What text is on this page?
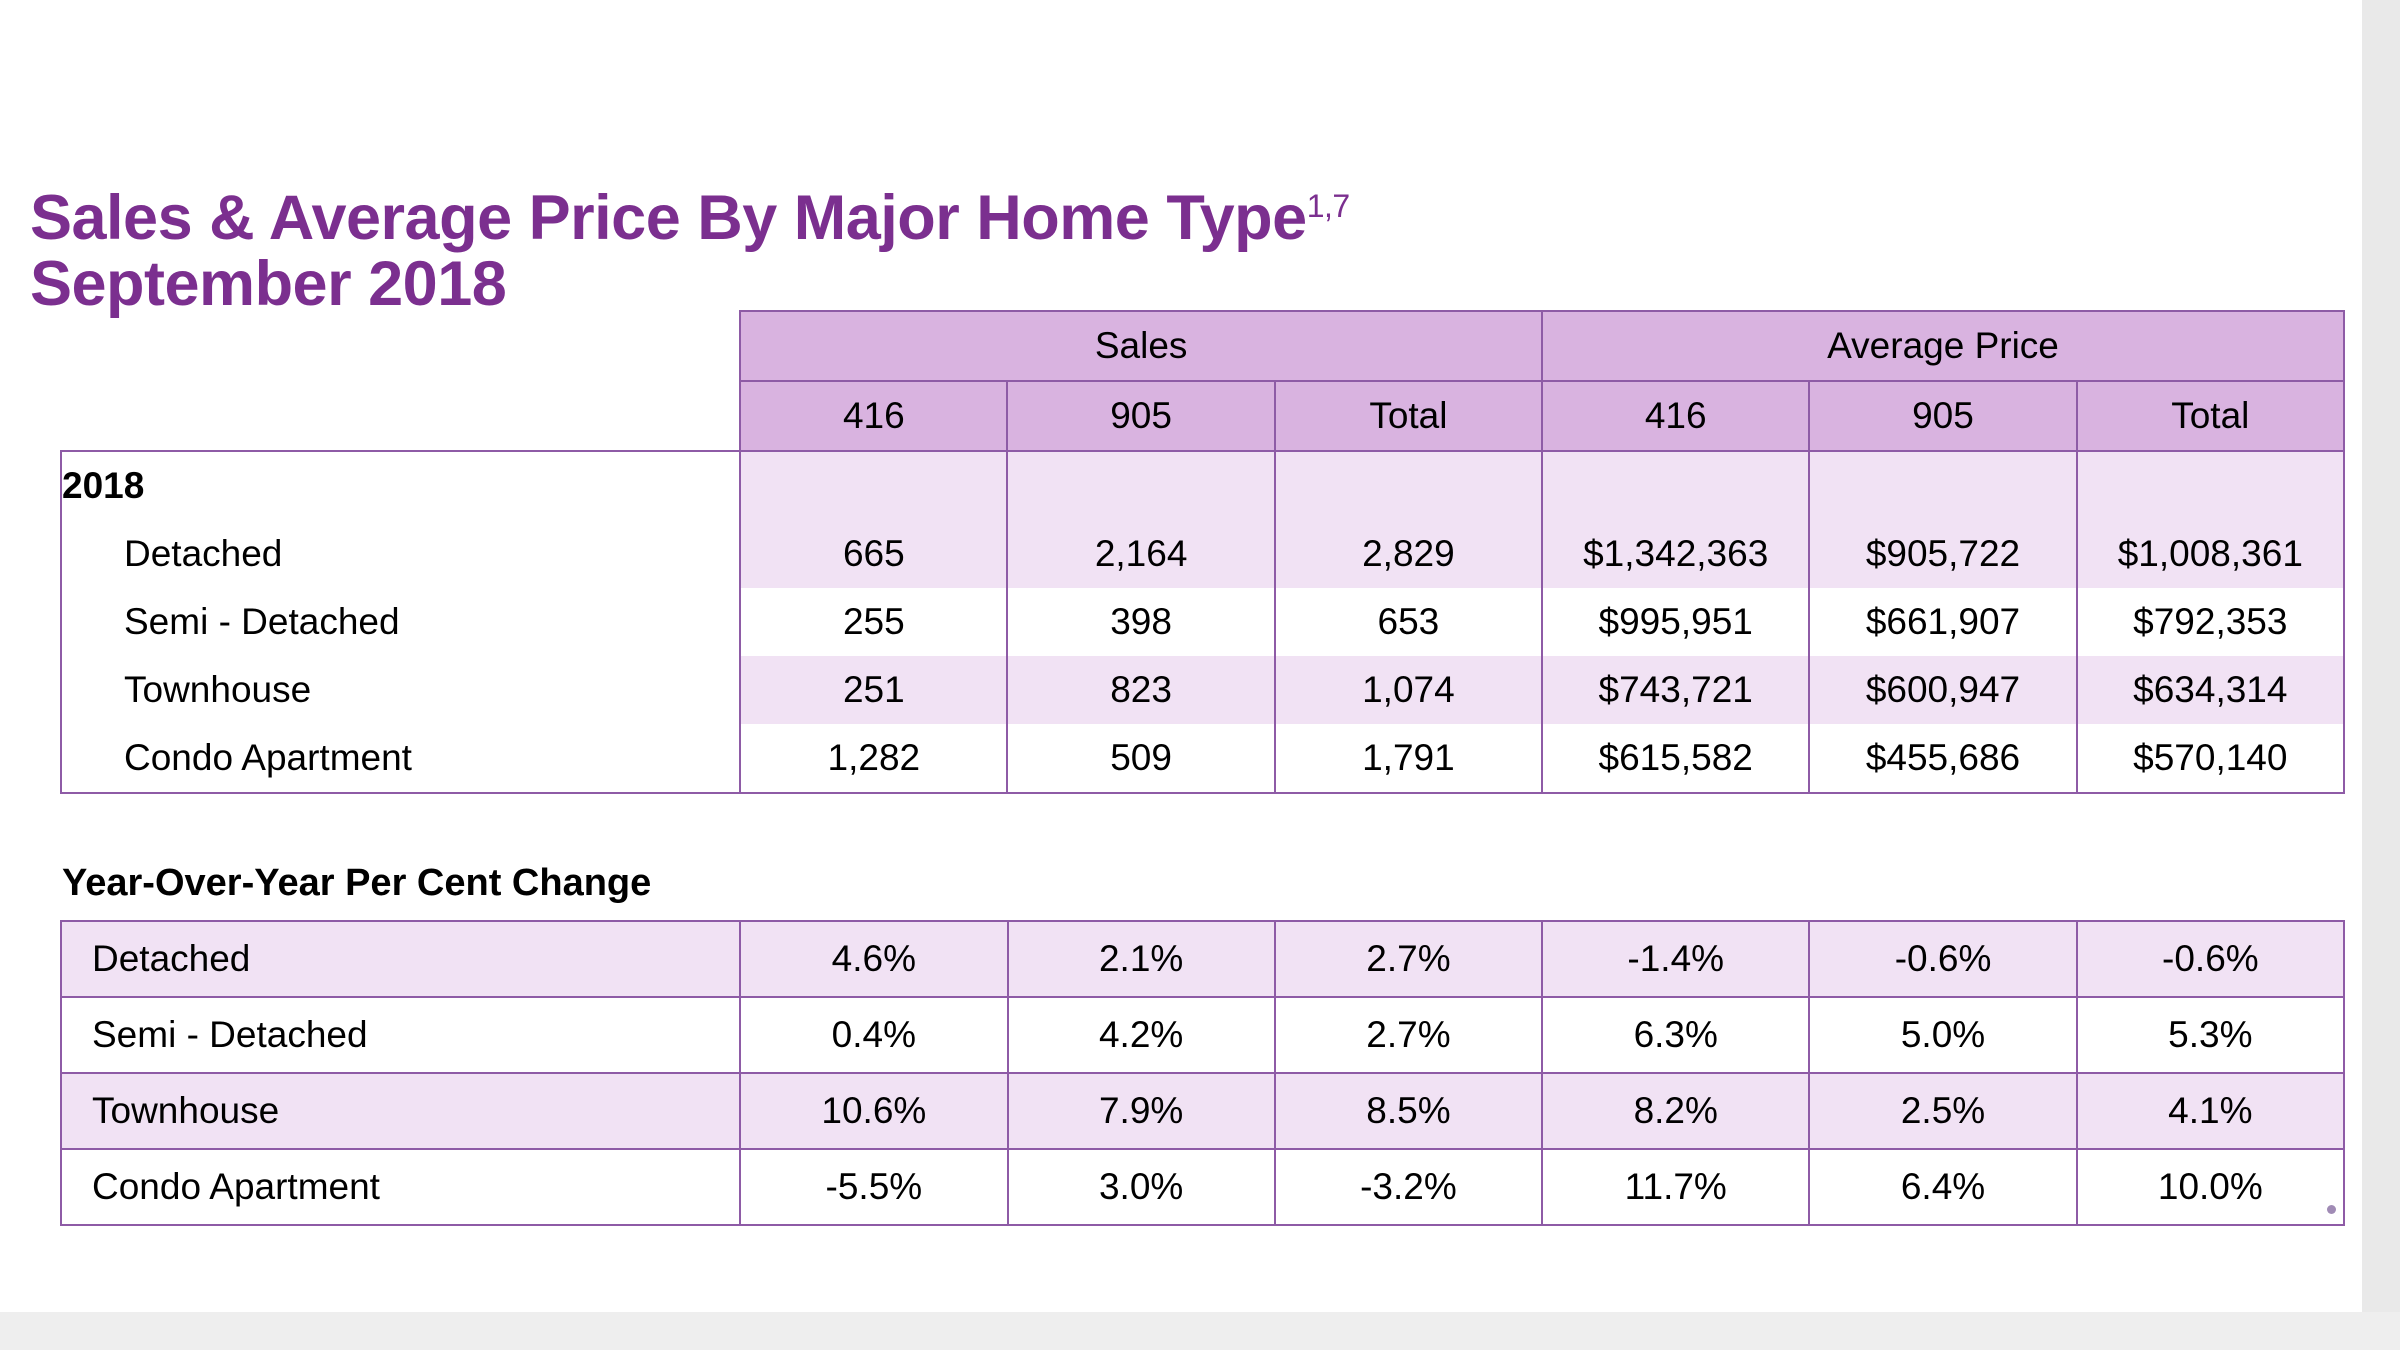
Sales & Average Price By Major Home Type$^{1,7}$
September 2018
	Sales			Average Price		
	416	905	Total	416	905	Total
2018						
Detached	665	2,164	2,829	$1,342,363	$905,722	$1,008,361
Semi - Detached	255	398	653	$995,951	$661,907	$792,353
Townhouse	251	823	1,074	$743,721	$600,947	$634,314
Condo Apartment	1,282	509	1,791	$615,582	$455,686	$570,140
Year-Over-Year Per Cent Change
Detached	4.6%	2.1%	2.7%	-1.4%	-0.6%	-0.6%
Semi - Detached	0.4%	4.2%	2.7%	6.3%	5.0%	5.3%
Townhouse	10.6%	7.9%	8.5%	8.2%	2.5%	4.1%
Condo Apartment	-5.5%	3.0%	-3.2%	11.7%	6.4%	10.0%
